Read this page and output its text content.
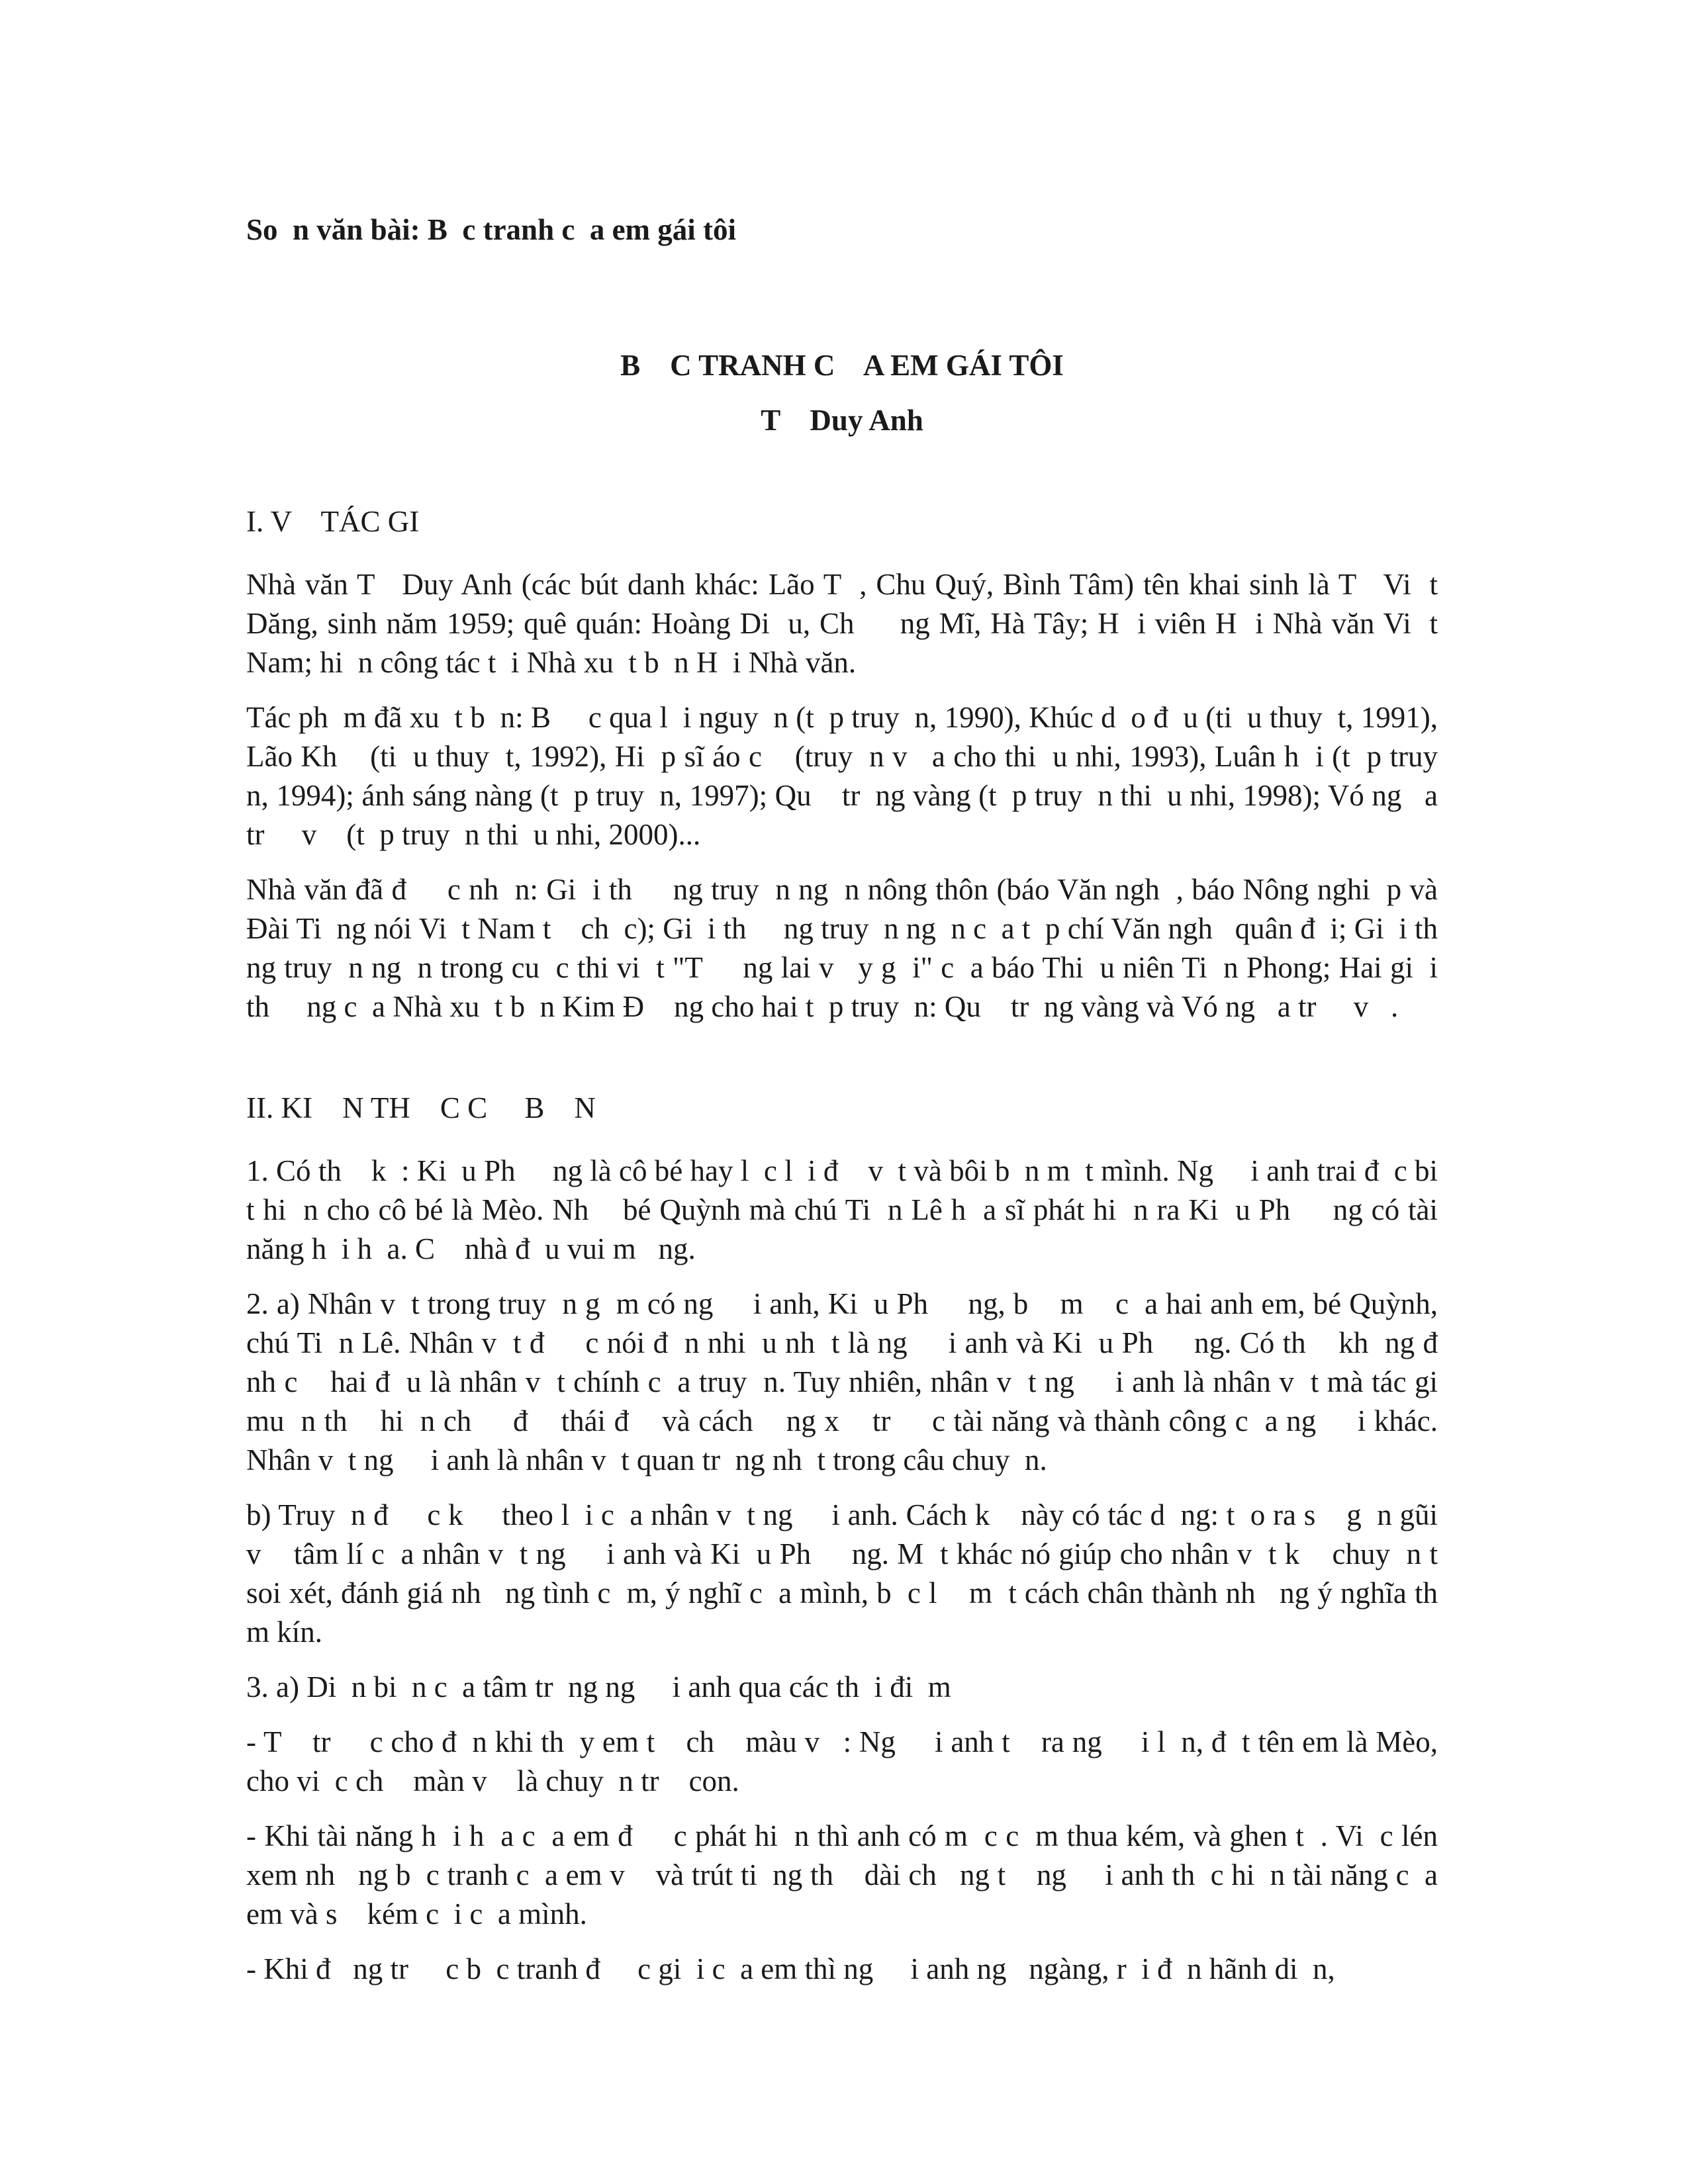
So  n văn bài: B  c tranh c  a em gái tôi
B    C TRANH C    A EM GÁI TÔI
T    Duy Anh
I. V    TÁC GI

Nhà văn T   Duy Anh (các bút danh khác: Lão T  , Chu Quý, Bình Tâm) tên khai sinh là T   Vi  t Dăng, sinh năm 1959; quê quán: Hoàng Di  u, Ch     ng Mĩ, Hà Tây; H  i viên H  i Nhà văn Vi  t Nam; hi  n công tác t  i Nhà xu  t b  n H  i Nhà văn.

Tác ph  m đã xu  t b  n: B     c qua l  i nguy  n (t  p truy  n, 1990), Khúc d  o đ  u (ti  u thuy  t, 1991), Lão Kh    (ti  u thuy  t, 1992), Hi  p sĩ áo c    (truy  n v   a cho thi  u nhi, 1993), Luân h  i (t  p truy  n, 1994); ánh sáng nàng (t  p truy  n, 1997); Qu    tr  ng vàng (t  p truy  n thi  u nhi, 1998); Vó ng   a tr     v    (t  p truy  n thi  u nhi, 2000)...

Nhà văn đã đ     c nh  n: Gi  i th     ng truy  n ng  n nông thôn (báo Văn ngh  , báo Nông nghi  p và Đài Ti  ng nói Vi  t Nam t    ch  c); Gi  i th     ng truy  n ng  n c  a t  p chí Văn ngh   quân đ  i; Gi  i th     ng truy  n ng  n trong cu  c thi vi  t "T     ng lai v   y g  i" c  a báo Thi  u niên Ti  n Phong; Hai gi  i th     ng c  a Nhà xu  t b  n Kim Đ    ng cho hai t  p truy  n: Qu    tr  ng vàng và Vó ng   a tr     v   .

II. KI    N TH    C C     B    N

1. Có th    k  : Ki  u Ph     ng là cô bé hay l  c l  i đ    v  t và bôi b  n m  t mình. Ng     i anh trai đ  c bi  t hi  n cho cô bé là Mèo. Nh    bé Quỳnh mà chú Ti  n Lê h  a sĩ phát hi  n ra Ki  u Ph     ng có tài năng h  i h  a. C    nhà đ  u vui m   ng.

2. a) Nhân v  t trong truy  n g  m có ng     i anh, Ki  u Ph     ng, b    m    c  a hai anh em, bé Quỳnh, chú Ti  n Lê. Nhân v  t đ     c nói đ  n nhi  u nh  t là ng     i anh và Ki  u Ph     ng. Có th    kh  ng đ  nh c    hai đ  u là nhân v  t chính c  a truy  n. Tuy nhiên, nhân v  t ng     i anh là nhân v  t mà tác gi    mu  n th    hi  n ch     đ    thái đ    và cách    ng x    tr     c tài năng và thành công c  a ng     i khác. Nhân v  t ng     i anh là nhân v  t quan tr  ng nh  t trong câu chuy  n.

b) Truy  n đ     c k     theo l  i c  a nhân v  t ng     i anh. Cách k    này có tác d  ng: t  o ra s    g  n gũi v    tâm lí c  a nhân v  t ng     i anh và Ki  u Ph     ng. M  t khác nó giúp cho nhân v  t k    chuy  n t    soi xét, đánh giá nh   ng tình c  m, ý nghĩ c  a mình, b  c l    m  t cách chân thành nh   ng ý nghĩa th  m kín.

3. a) Di  n bi  n c  a tâm tr  ng ng     i anh qua các th  i đi  m

- T    tr     c cho đ  n khi th  y em t    ch    màu v   : Ng     i anh t    ra ng     i l  n, đ  t tên em là Mèo, cho vi  c ch    màn v    là chuy  n tr    con.

- Khi tài năng h  i h  a c  a em đ     c phát hi  n thì anh có m  c c  m thua kém, và ghen t  . Vi  c lén xem nh   ng b  c tranh c  a em v    và trút ti  ng th    dài ch   ng t    ng     i anh th  c hi  n tài năng c  a em và s    kém c  i c  a mình.

- Khi đ   ng tr     c b  c tranh đ     c gi  i c  a em thì ng     i anh ng   ngàng, r  i đ  n hãnh di  n,
